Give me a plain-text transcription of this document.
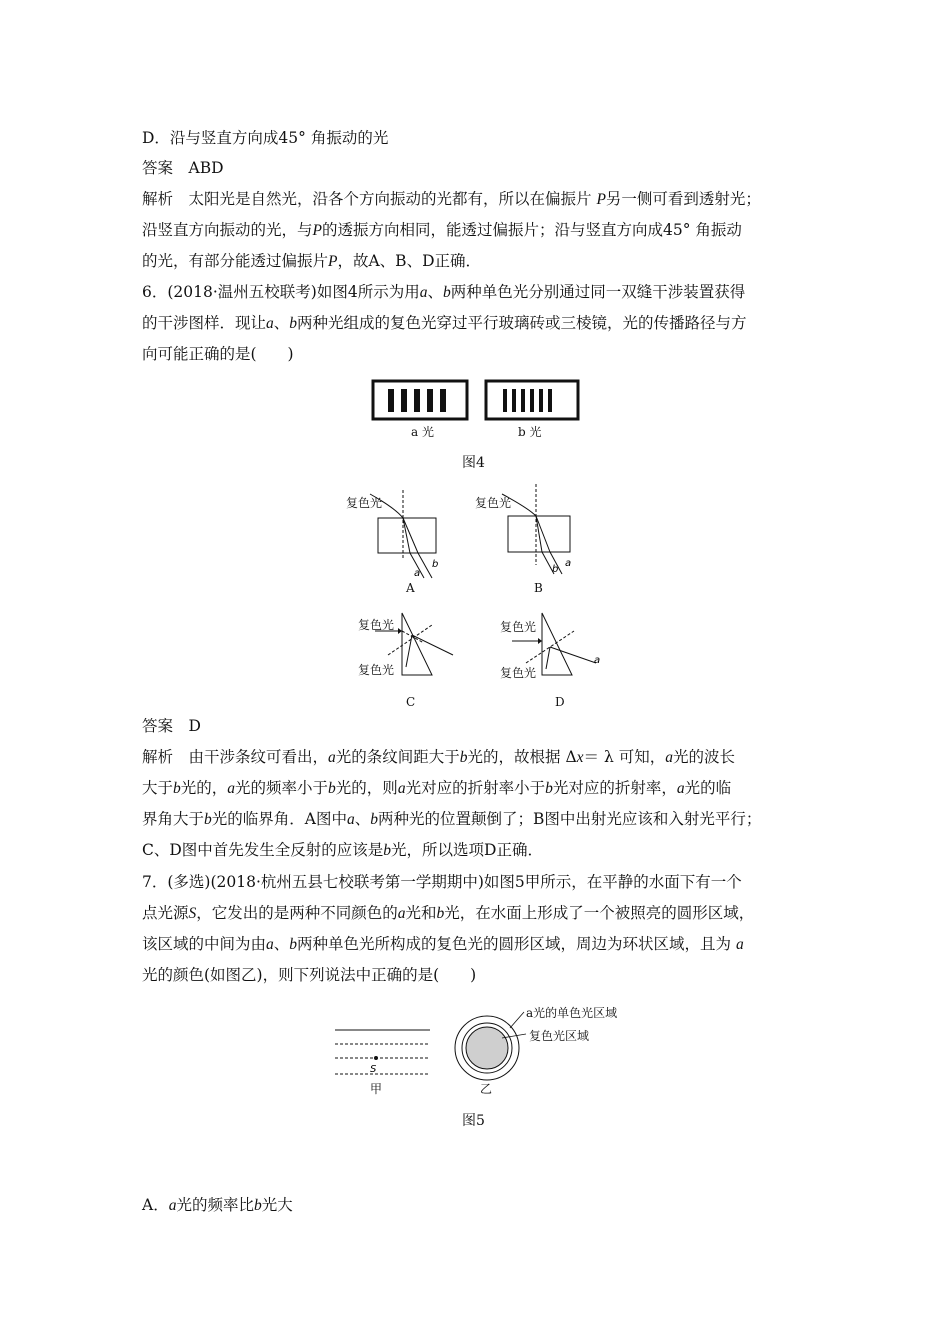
D．沿与竖直方向成45° 角振动的光
答案　ABD
解析　太阳光是自然光，沿各个方向振动的光都有，所以在偏振片 P另一侧可看到透射光；
沿竖直方向振动的光，与P的透振方向相同，能透过偏振片；沿与竖直方向成45° 角振动
的光，有部分能透过偏振片P，故A、B、D正确．
6．(2018·温州五校联考)如图4所示为用a、b两种单色光分别通过同一双缝干涉装置获得
的干涉图样．现让a、b两种光组成的复色光穿过平行玻璃砖或三棱镜，光的传播路径与方
向可能正确的是(　　)
a 光	b 光
图4
a
b
复色光
A
b
a
复色光
B
复色光
复色光
C
a
复色光
复色光
D
答案　D
解析　由干涉条纹可看出，a光的条纹间距大于b光的，故根据 Δx＝ λ 可知，a光的波长
大于b光的，a光的频率小于b光的，则a光对应的折射率小于b光对应的折射率，a光的临
界角大于b光的临界角．A图中a、b两种光的位置颠倒了；B图中出射光应该和入射光平行；
C、D图中首先发生全反射的应该是b光，所以选项D正确．
7．(多选)(2018·杭州五县七校联考第一学期期中)如图5甲所示，在平静的水面下有一个
点光源S，它发出的是两种不同颜色的a光和b光，在水面上形成了一个被照亮的圆形区域，
该区域的中间为由a、b两种单色光所构成的复色光的圆形区域，周边为环状区域，且为 a
光的颜色(如图乙)，则下列说法中正确的是(　　)
S
a光的单色光区域
复色光区域
甲	乙
图5
A．a光的频率比b光大
